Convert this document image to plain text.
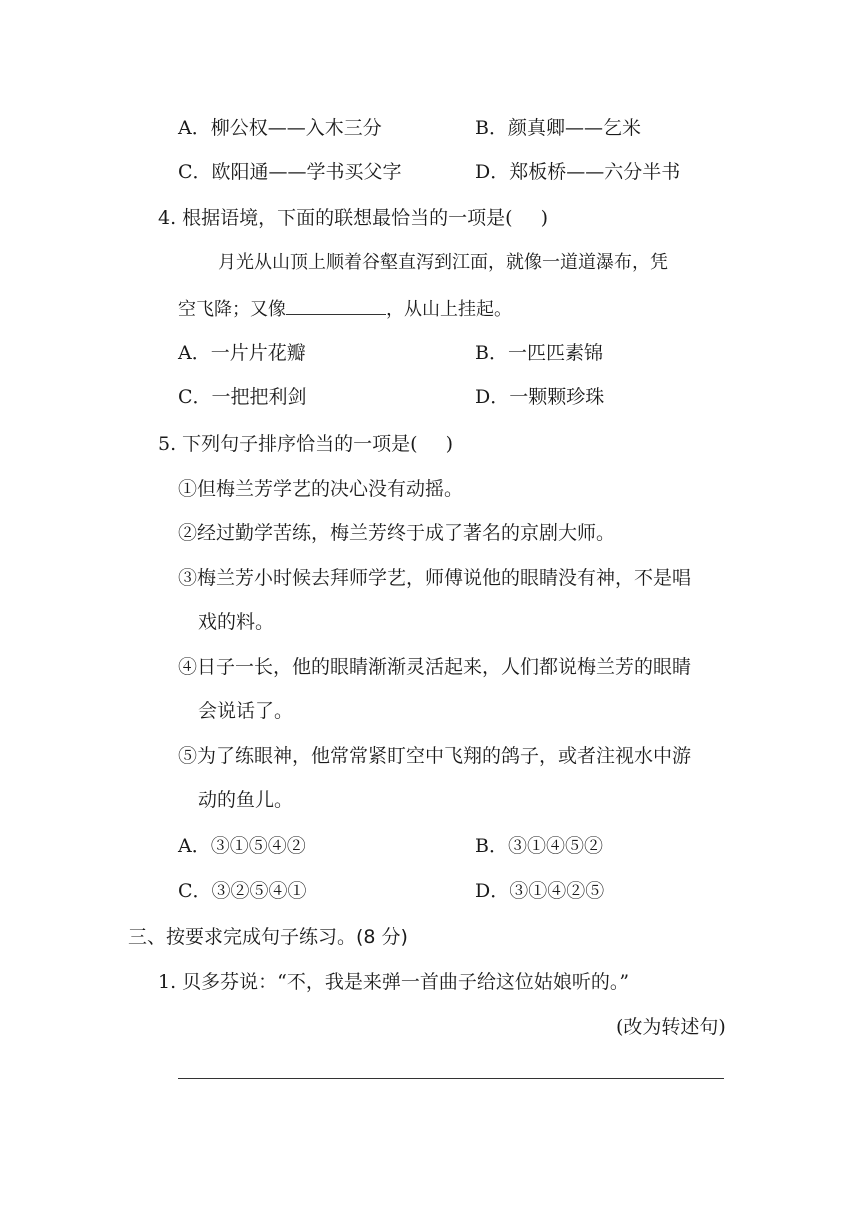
A．柳公权——入木三分	B．颜真卿——乞米
C．欧阳通——学书买父字	D．郑板桥——六分半书
4. 根据语境，下面的联想最恰当的一项是( )
月光从山顶上顺着谷壑直泻到江面，就像一道道瀑布，凭
空飞降；又像	，从山上挂起。
A．一片片花瓣	B．一匹匹素锦
C．一把把利剑	D．一颗颗珍珠
5. 下列句子排序恰当的一项是( )
①但梅兰芳学艺的决心没有动摇。
②经过勤学苦练，梅兰芳终于成了著名的京剧大师。
③梅兰芳小时候去拜师学艺，师傅说他的眼睛没有神，不是唱
戏的料。
④日子一长，他的眼睛渐渐灵活起来，人们都说梅兰芳的眼睛
会说话了。
⑤为了练眼神，他常常紧盯空中飞翔的鸽子，或者注视水中游
动的鱼儿。
A．③①⑤④②	B．③①④⑤②
C．③②⑤④①	D．③①④②⑤
三、按要求完成句子练习。(8 分)
1. 贝多芬说：“不，我是来弹一首曲子给这位姑娘听的。”
(改为转述句)
